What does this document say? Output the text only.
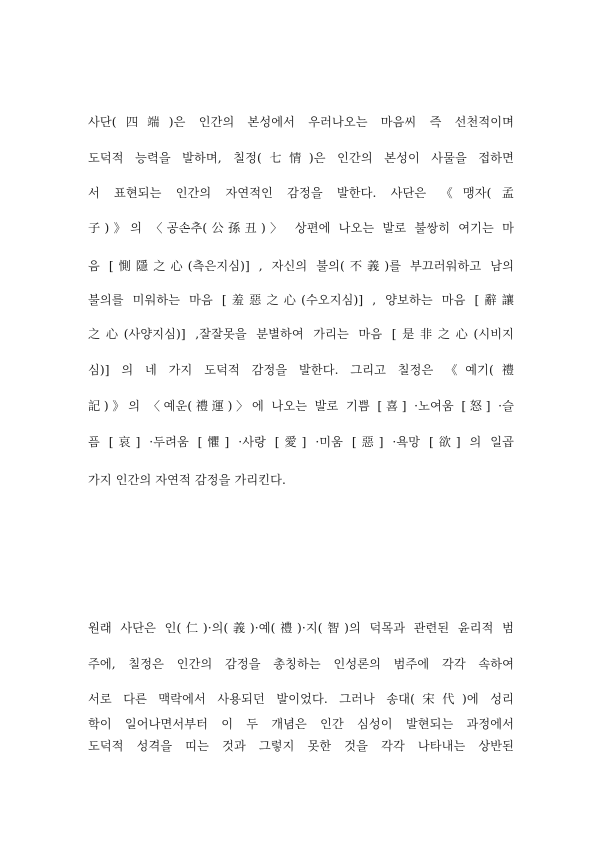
사단(四端)은 인간의 본성에서 우러나오는 마음씨 즉 선천적이며
도덕적 능력을 발하며, 칠정(七情)은 인간의 본성이 사물을 접하면
서 표현되는 인간의 자연적인 감정을 발한다. 사단은 《맹자(孟
子)》의 〈공손추(公孫丑)〉 상편에 나오는 발로 불쌍히 여기는 마
음 [惻隱之心(측은지심)] , 자신의 불의(不義)를 부끄러워하고 남의
불의를 미워하는 마음 [羞惡之心(수오지심)] , 양보하는 마음 [辭讓
之心(사양지심)] ,잘잘못을 분별하여 가리는 마음 [是非之心(시비지
심)] 의 네 가지 도덕적 감정을 발한다. 그리고 칠정은 《예기(禮
記)》의 〈예운(禮運)〉에 나오는 발로 기쁨 [喜] ·노여움 [怒] ·슬
픔 [哀] ·두려움 [懼] ·사랑 [愛] ·미움 [惡] ·욕망 [欲] 의 일곱
가지 인간의 자연적 감정을 가리킨다.
원래 사단은 인(仁)·의(義)·예(禮)·지(智)의 덕목과 관련된 윤리적 범
주에, 칠정은 인간의 감정을 총칭하는 인성론의 범주에 각각 속하여
서로 다른 맥락에서 사용되던 발이었다. 그러나 송대(宋代)에 성리
학이 일어나면서부터 이 두 개념은 인간 심성이 발현되는 과정에서
도덕적 성격을 띠는 것과 그렇지 못한 것을 각각 나타내는 상반된
